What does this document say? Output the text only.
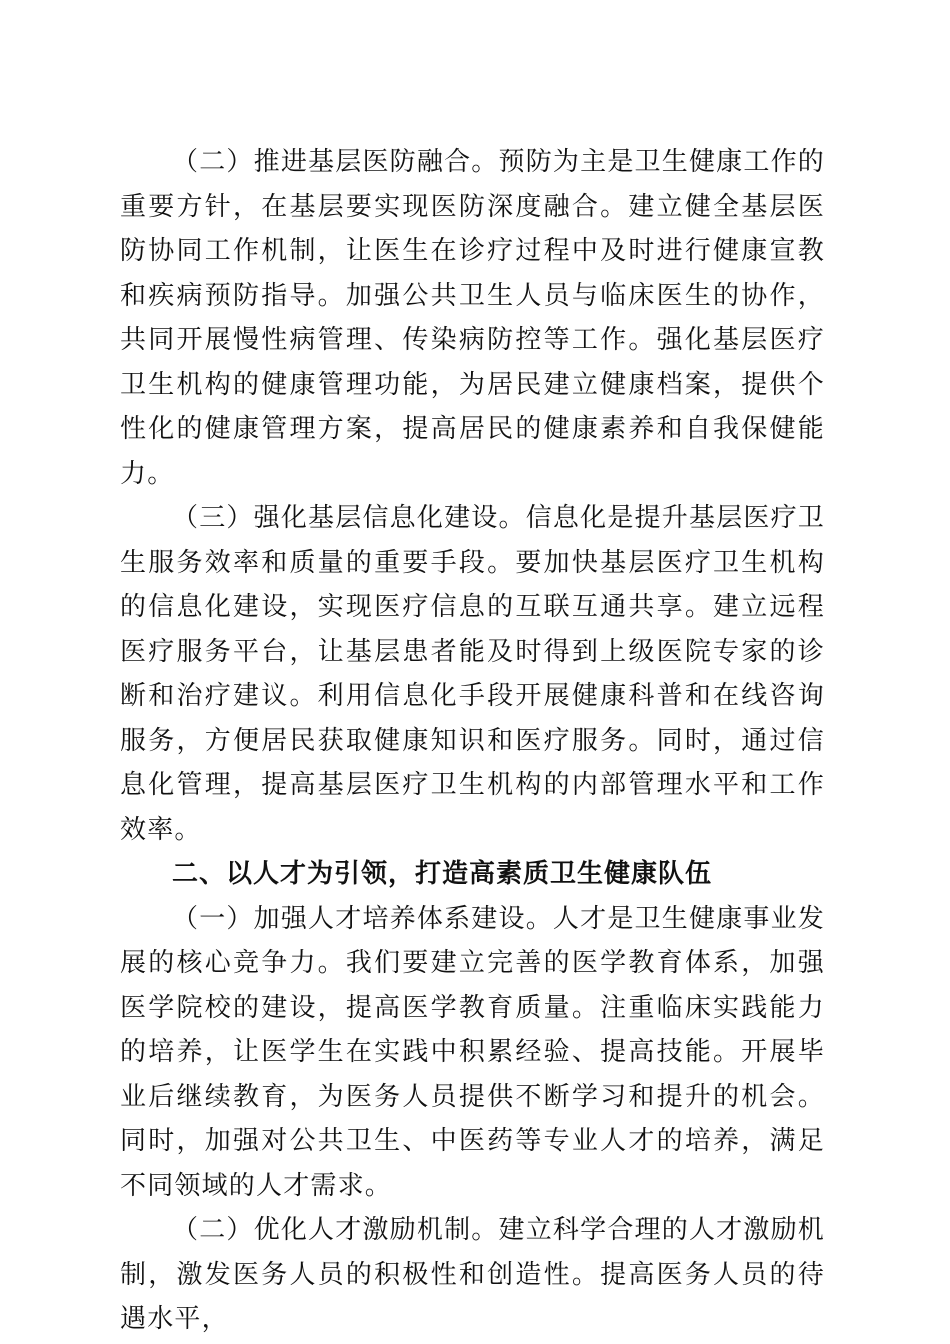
（二）推进基层医防融合。预防为主是卫生健康工作的重要方针，在基层要实现医防深度融合。建立健全基层医防协同工作机制，让医生在诊疗过程中及时进行健康宣教和疾病预防指导。加强公共卫生人员与临床医生的协作，共同开展慢性病管理、传染病防控等工作。强化基层医疗卫生机构的健康管理功能，为居民建立健康档案，提供个性化的健康管理方案，提高居民的健康素养和自我保健能力。

（三）强化基层信息化建设。信息化是提升基层医疗卫生服务效率和质量的重要手段。要加快基层医疗卫生机构的信息化建设，实现医疗信息的互联互通共享。建立远程医疗服务平台，让基层患者能及时得到上级医院专家的诊断和治疗建议。利用信息化手段开展健康科普和在线咨询服务，方便居民获取健康知识和医疗服务。同时，通过信息化管理，提高基层医疗卫生机构的内部管理水平和工作效率。

二、以人才为引领，打造高素质卫生健康队伍

（一）加强人才培养体系建设。人才是卫生健康事业发展的核心竞争力。我们要建立完善的医学教育体系，加强医学院校的建设，提高医学教育质量。注重临床实践能力的培养，让医学生在实践中积累经验、提高技能。开展毕业后继续教育，为医务人员提供不断学习和提升的机会。同时，加强对公共卫生、中医药等专业人才的培养，满足不同领域的人才需求。

（二）优化人才激励机制。建立科学合理的人才激励机制，激发医务人员的积极性和创造性。提高医务人员的待遇水平，
